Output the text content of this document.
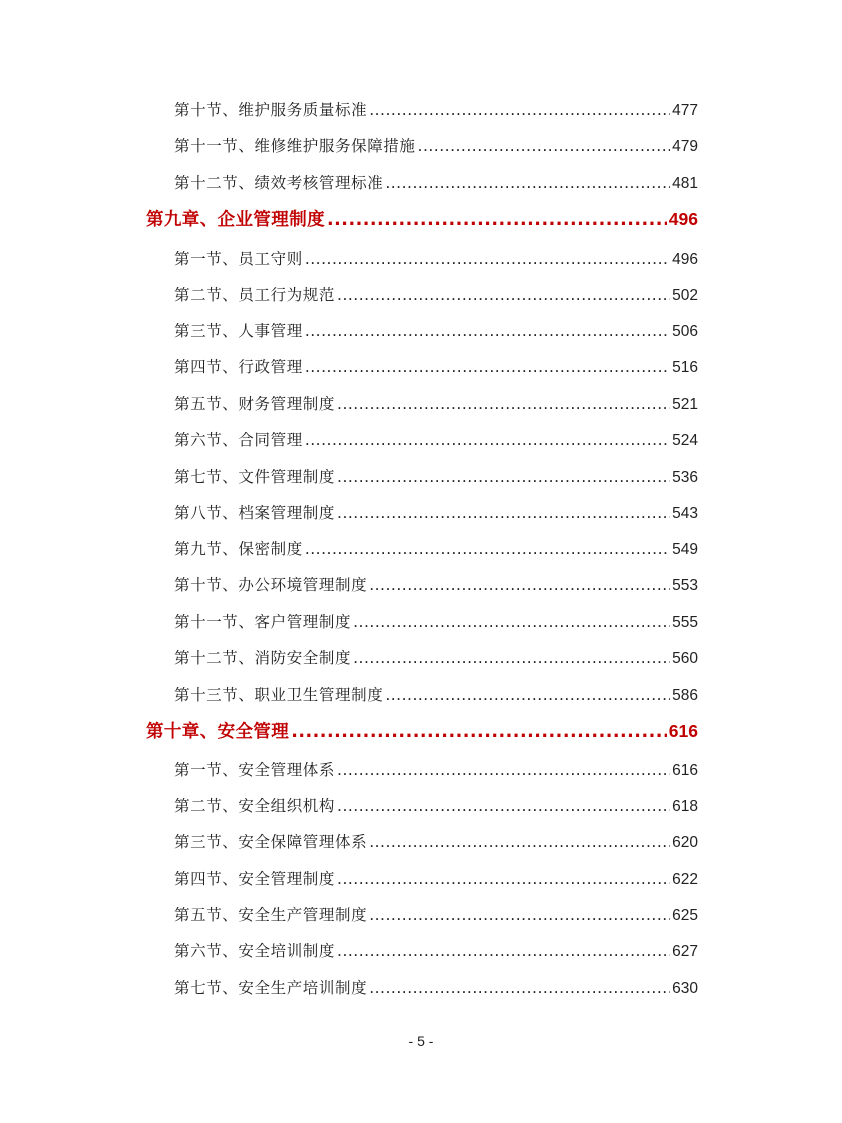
第十节、维护服务质量标准 .....	477
第十一节、维修维护服务保障措施 .....	479
第十二节、绩效考核管理标准 .....	481
第九章、企业管理制度 .....	496
第一节、员工守则 .....	496
第二节、员工行为规范 .....	502
第三节、人事管理 .....	506
第四节、行政管理 .....	516
第五节、财务管理制度 .....	521
第六节、合同管理 .....	524
第七节、文件管理制度 .....	536
第八节、档案管理制度 .....	543
第九节、保密制度 .....	549
第十节、办公环境管理制度 .....	553
第十一节、客户管理制度 .....	555
第十二节、消防安全制度 .....	560
第十三节、职业卫生管理制度 .....	586
第十章、安全管理 .....	616
第一节、安全管理体系 .....	616
第二节、安全组织机构 .....	618
第三节、安全保障管理体系 .....	620
第四节、安全管理制度 .....	622
第五节、安全生产管理制度 .....	625
第六节、安全培训制度 .....	627
第七节、安全生产培训制度 .....	630
- 5 -
